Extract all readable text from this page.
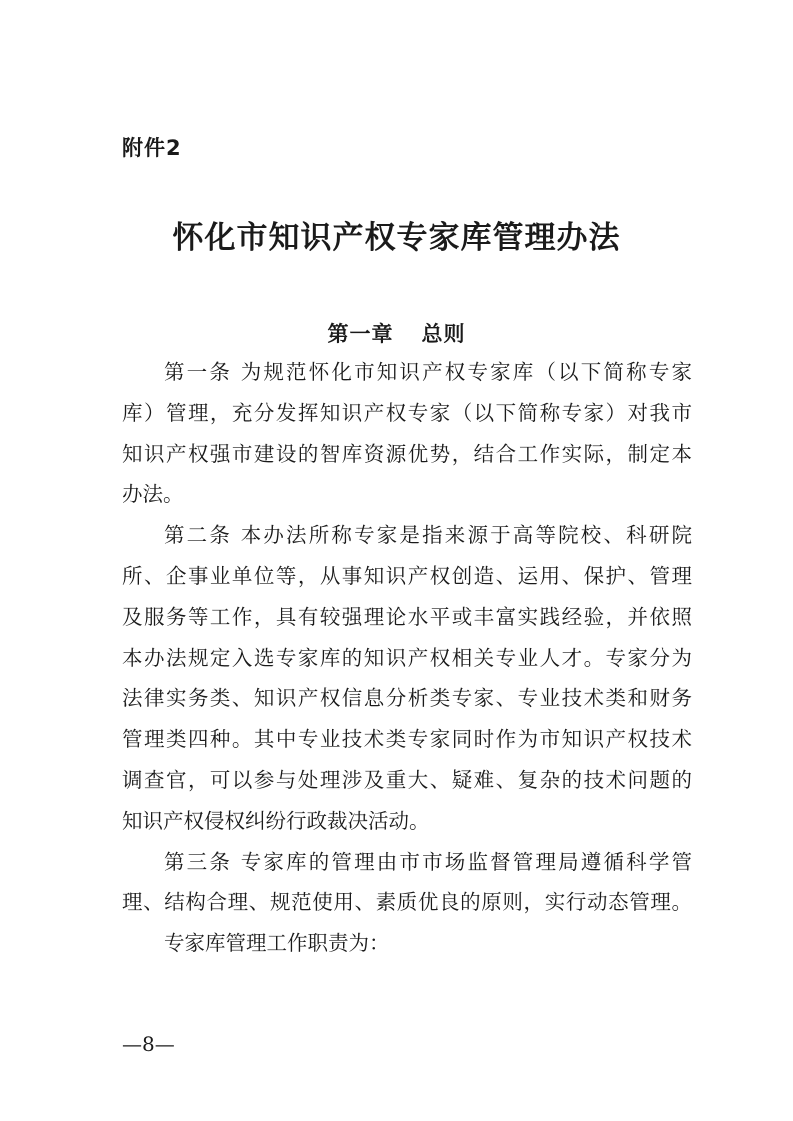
附件2
怀化市知识产权专家库管理办法
第一章 总则
第一条 为规范怀化市知识产权专家库（以下简称专家
库）管理，充分发挥知识产权专家（以下简称专家）对我市
知识产权强市建设的智库资源优势，结合工作实际，制定本
办法。
第二条 本办法所称专家是指来源于高等院校、科研院
所、企事业单位等，从事知识产权创造、运用、保护、管理
及服务等工作，具有较强理论水平或丰富实践经验，并依照
本办法规定入选专家库的知识产权相关专业人才。专家分为
法律实务类、知识产权信息分析类专家、专业技术类和财务
管理类四种。其中专业技术类专家同时作为市知识产权技术
调查官，可以参与处理涉及重大、疑难、复杂的技术问题的
知识产权侵权纠纷行政裁决活动。
第三条 专家库的管理由市市场监督管理局遵循科学管
理、结构合理、规范使用、素质优良的原则，实行动态管理。
专家库管理工作职责为：
—8—
